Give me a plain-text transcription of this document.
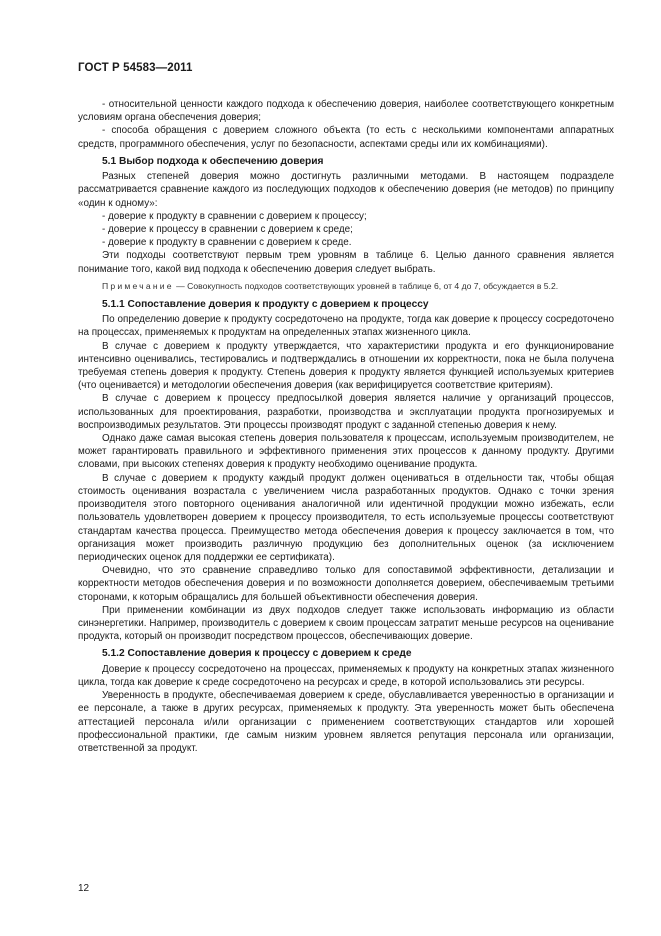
ГОСТ Р 54583—2011

- относительной ценности каждого подхода к обеспечению доверия, наиболее соответствующего конкретным условиям органа обеспечения доверия;

- способа обращения с доверием сложного объекта (то есть с несколькими компонентами аппаратных средств, программного обеспечения, услуг по безопасности, аспектами среды или их комбинациями).

5.1 Выбор подхода к обеспечению доверия

Разных степеней доверия можно достигнуть различными методами. В настоящем подразделе рассматривается сравнение каждого из последующих подходов к обеспечению доверия (не методов) по принципу «один к одному»:

- доверие к продукту в сравнении с доверием к процессу;

- доверие к процессу в сравнении с доверием к среде;

- доверие к продукту в сравнении с доверием к среде.

Эти подходы соответствуют первым трем уровням в таблице 6. Целью данного сравнения является понимание того, какой вид подхода к обеспечению доверия следует выбрать.

Примечание — Совокупность подходов соответствующих уровней в таблице 6, от 4 до 7, обсуждается в 5.2.

5.1.1 Сопоставление доверия к продукту с доверием к процессу

По определению доверие к продукту сосредоточено на продукте, тогда как доверие к процессу сосредоточено на процессах, применяемых к продуктам на определенных этапах жизненного цикла.

В случае с доверием к продукту утверждается, что характеристики продукта и его функционирование интенсивно оценивались, тестировались и подтверждались в отношении их корректности, пока не была получена требуемая степень доверия к продукту. Степень доверия к продукту является функцией используемых критериев (что оценивается) и методологии обеспечения доверия (как верифицируется соответствие критериям).

В случае с доверием к процессу предпосылкой доверия является наличие у организаций процессов, использованных для проектирования, разработки, производства и эксплуатации продукта прогнозируемых и воспроизводимых результатов. Эти процессы производят продукт с заданной степенью доверия к нему.

Однако даже самая высокая степень доверия пользователя к процессам, используемым производителем, не может гарантировать правильного и эффективного применения этих процессов к данному продукту. Другими словами, при высоких степенях доверия к продукту необходимо оценивание продукта.

В случае с доверием к продукту каждый продукт должен оцениваться в отдельности так, чтобы общая стоимость оценивания возрастала с увеличением числа разработанных продуктов. Однако с точки зрения производителя этого повторного оценивания аналогичной или идентичной продукции можно избежать, если пользователь удовлетворен доверием к процессу производителя, то есть используемые процессы соответствуют стандартам качества процесса. Преимущество метода обеспечения доверия к процессу заключается в том, что организация может производить различную продукцию без дополнительных оценок (за исключением периодических оценок для поддержки ее сертификата).

Очевидно, что это сравнение справедливо только для сопоставимой эффективности, детализации и корректности методов обеспечения доверия и по возможности дополняется доверием, обеспечиваемым третьими сторонами, к которым обращались для большей объективности обеспечения доверия.

При применении комбинации из двух подходов следует также использовать информацию из области синэнергетики. Например, производитель с доверием к своим процессам затратит меньше ресурсов на оценивание продукта, который он производит посредством процессов, обеспечивающих доверие.

5.1.2 Сопоставление доверия к процессу с доверием к среде

Доверие к процессу сосредоточено на процессах, применяемых к продукту на конкретных этапах жизненного цикла, тогда как доверие к среде сосредоточено на ресурсах и среде, в которой использовались эти ресурсы.

Уверенность в продукте, обеспечиваемая доверием к среде, обуславливается уверенностью в организации и ее персонале, а также в других ресурсах, применяемых к продукту. Эта уверенность может быть обеспечена аттестацией персонала и/или организации с применением соответствующих стандартов или хорошей профессиональной практики, где самым низким уровнем является репутация персонала или организации, ответственной за продукт.

12
